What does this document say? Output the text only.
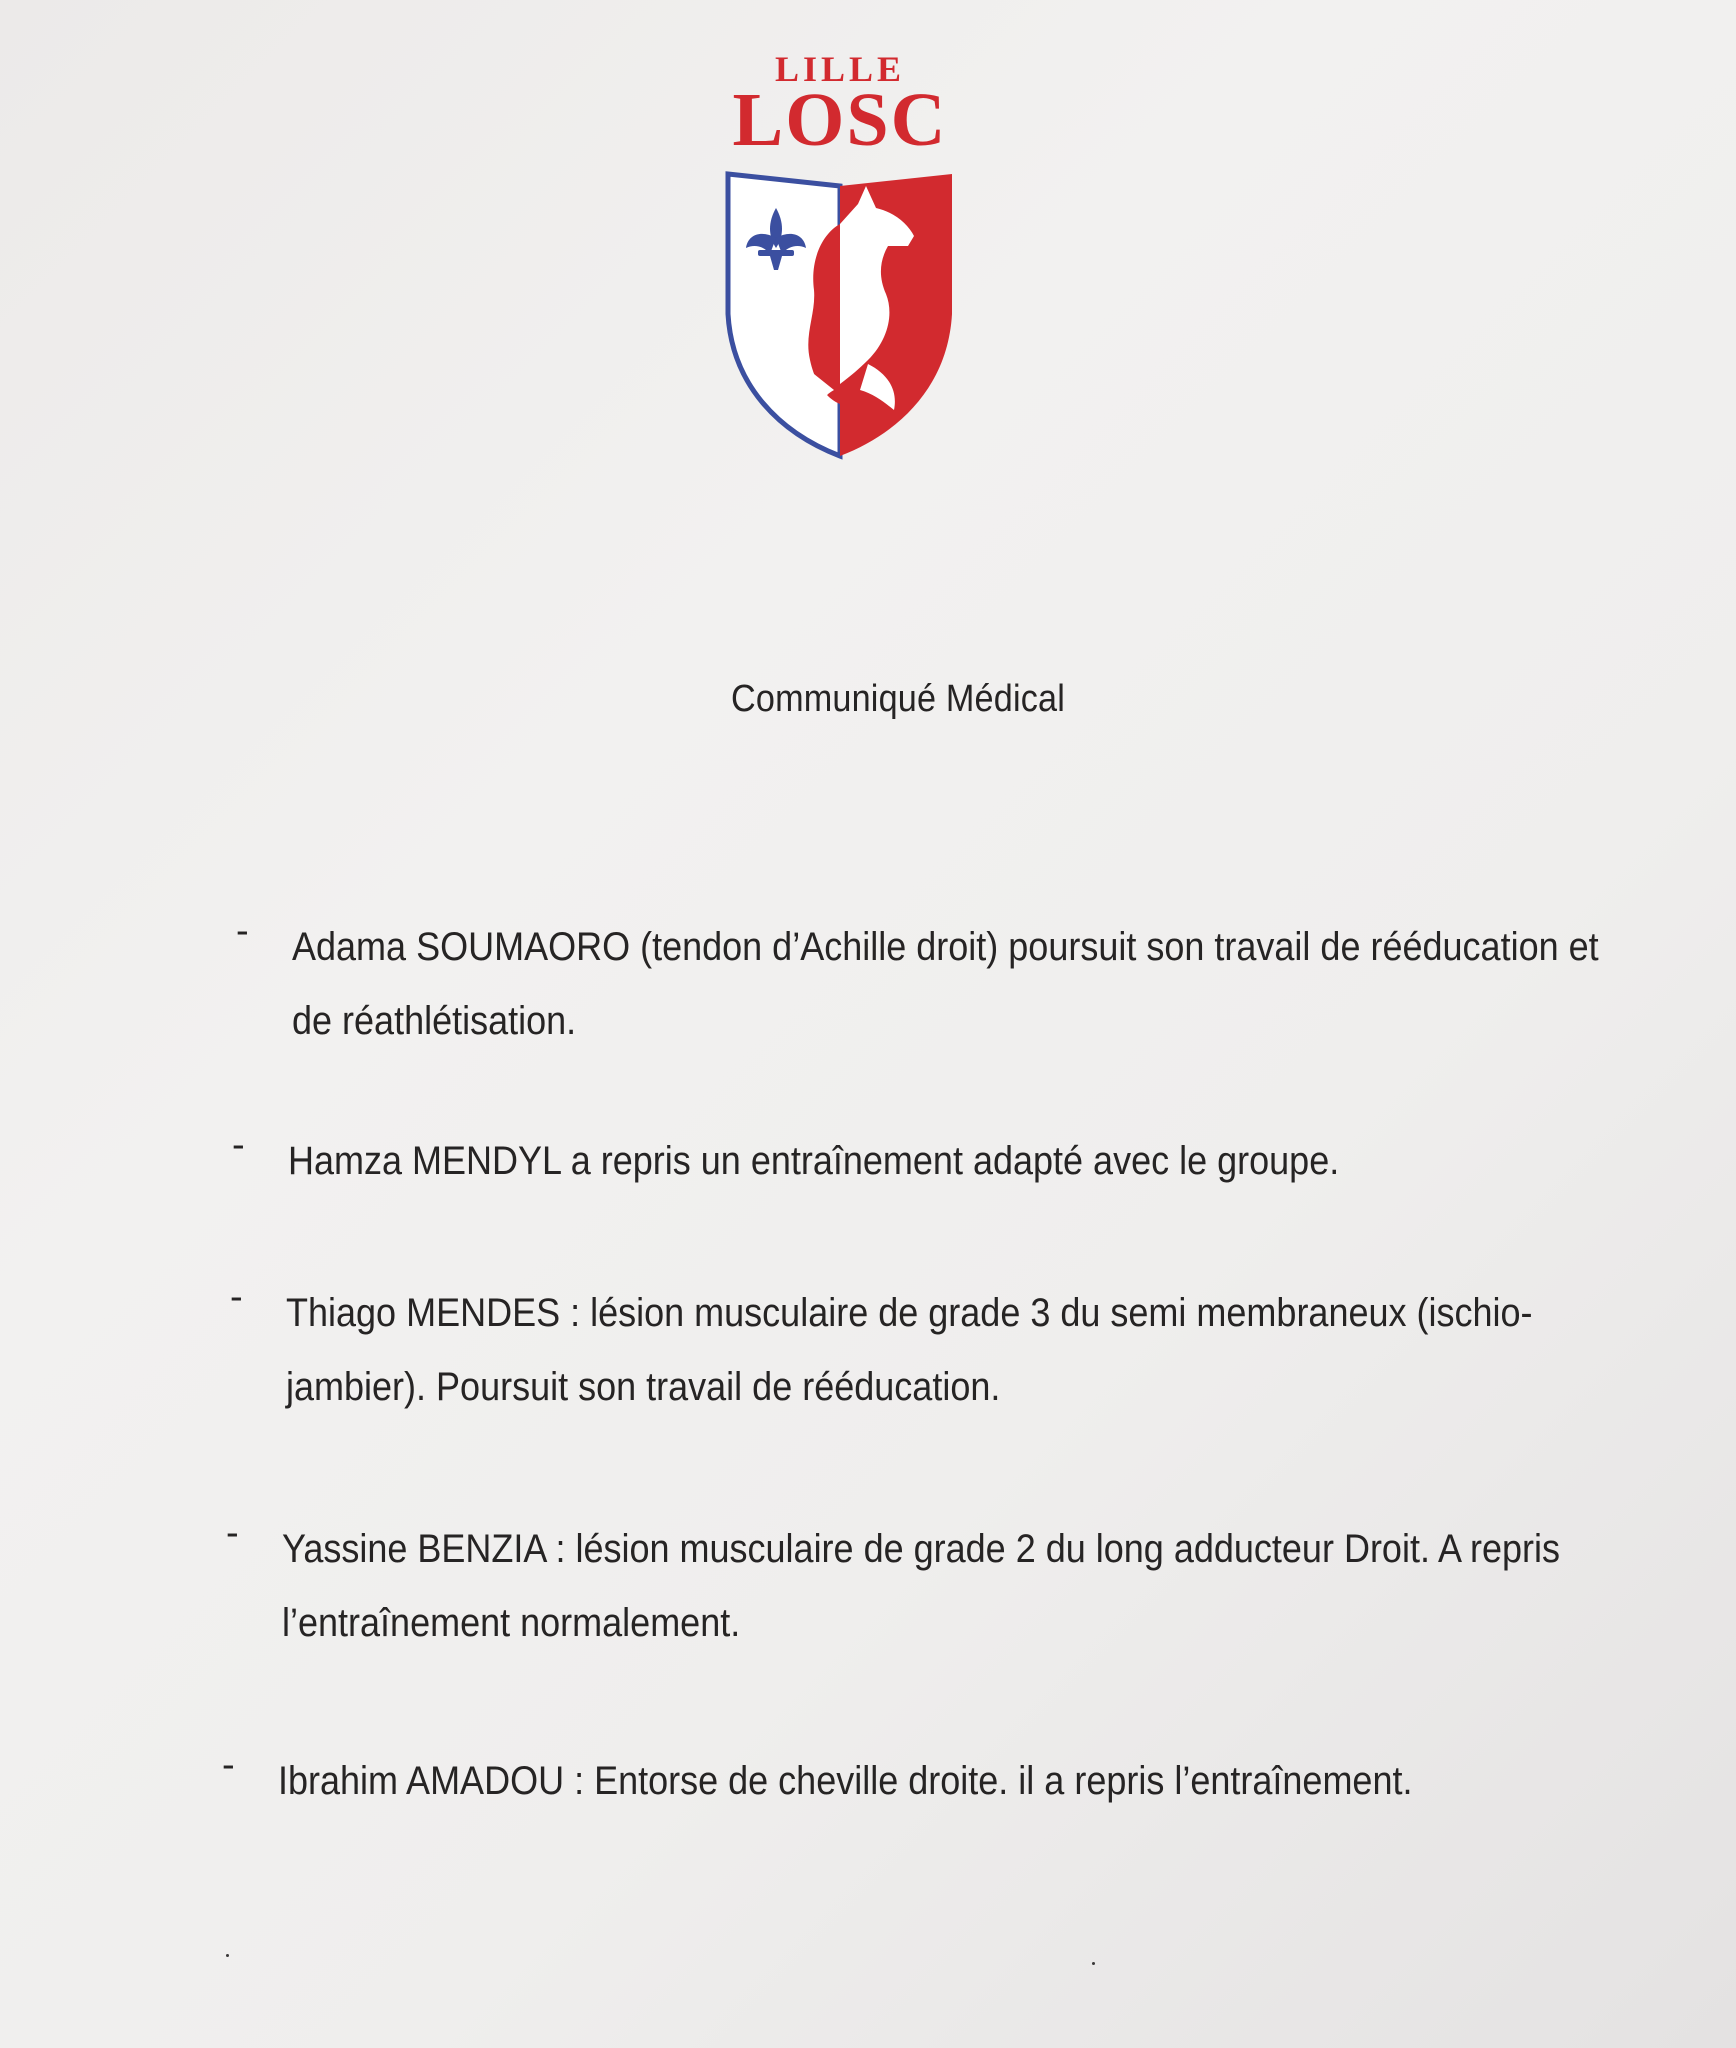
LILLE
LOSC
Communiqué Médical
- Adama SOUMAORO (tendon d’Achille droit) poursuit son travail de rééducation et
de réathlétisation.
- Hamza MENDYL a repris un entraînement adapté avec le groupe.
- Thiago MENDES : lésion musculaire de grade 3 du semi membraneux (ischio-
jambier). Poursuit son travail de rééducation.
- Yassine BENZIA : lésion musculaire de grade 2 du long adducteur Droit. A repris
l’entraînement normalement.
- Ibrahim AMADOU : Entorse de cheville droite. il a repris l’entraînement.
